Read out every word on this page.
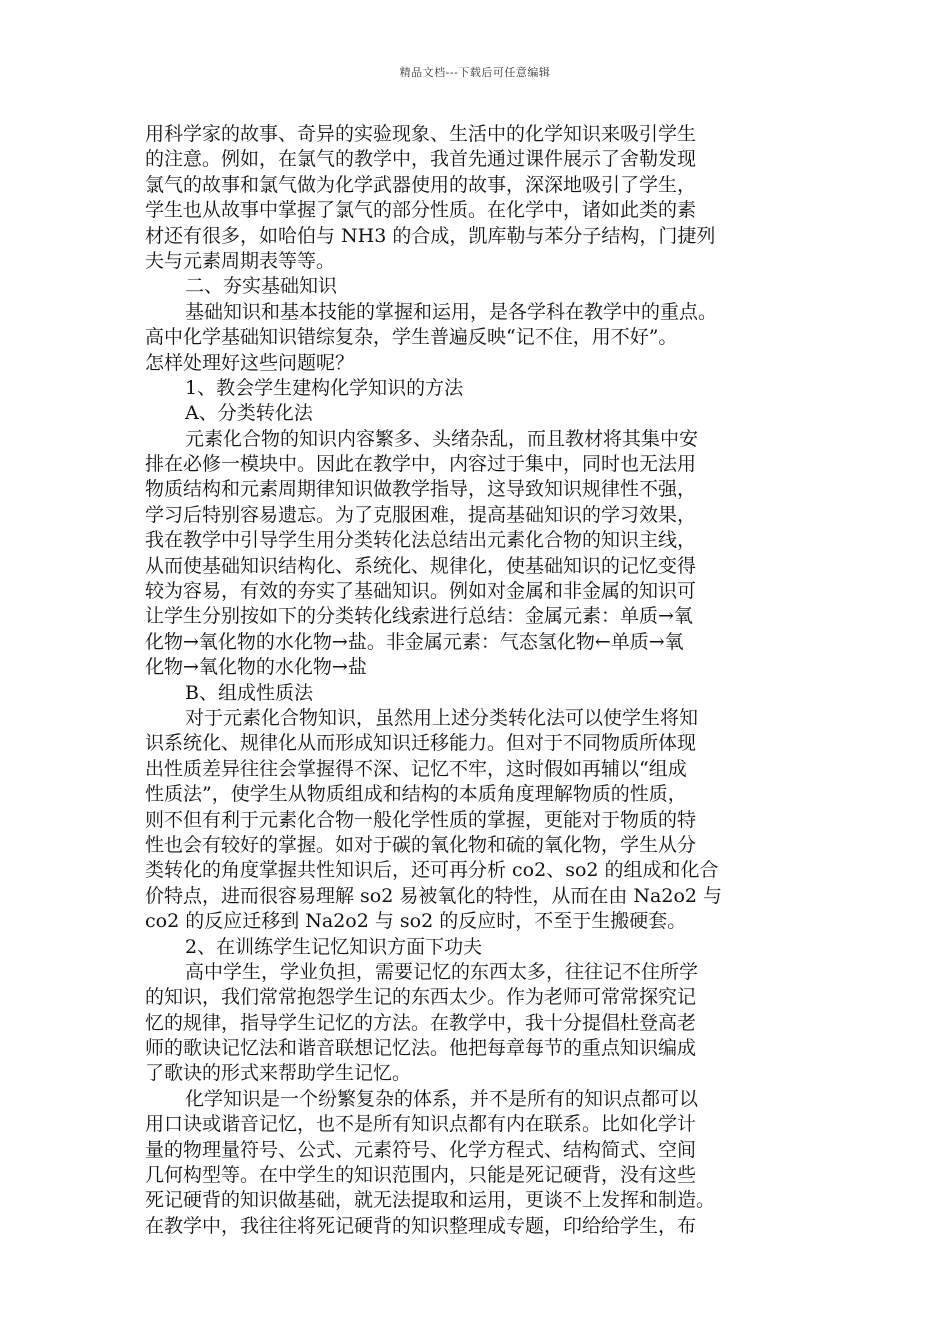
精品文档---下载后可任意编辑
用科学家的故事、奇异的实验现象、生活中的化学知识来吸引学生
的注意。例如，在氯气的教学中，我首先通过课件展示了舍勒发现
氯气的故事和氯气做为化学武器使用的故事，深深地吸引了学生，
学生也从故事中掌握了氯气的部分性质。在化学中，诸如此类的素
材还有很多，如哈伯与 NH3 的合成，凯库勒与苯分子结构，门捷列
夫与元素周期表等等。
二、夯实基础知识
基础知识和基本技能的掌握和运用，是各学科在教学中的重点。
高中化学基础知识错综复杂，学生普遍反映“记不住，用不好”。
怎样处理好这些问题呢？
1、教会学生建构化学知识的方法
A、分类转化法
元素化合物的知识内容繁多、头绪杂乱，而且教材将其集中安
排在必修一模块中。因此在教学中，内容过于集中，同时也无法用
物质结构和元素周期律知识做教学指导，这导致知识规律性不强，
学习后特别容易遗忘。为了克服困难，提高基础知识的学习效果，
我在教学中引导学生用分类转化法总结出元素化合物的知识主线，
从而使基础知识结构化、系统化、规律化，使基础知识的记忆变得
较为容易，有效的夯实了基础知识。例如对金属和非金属的知识可
让学生分别按如下的分类转化线索进行总结：金属元素：单质→氧
化物→氧化物的水化物→盐。非金属元素：气态氢化物←单质→氧
化物→氧化物的水化物→盐
B、组成性质法
对于元素化合物知识，虽然用上述分类转化法可以使学生将知
识系统化、规律化从而形成知识迁移能力。但对于不同物质所体现
出性质差异往往会掌握得不深、记忆不牢，这时假如再辅以“组成
性质法”，使学生从物质组成和结构的本质角度理解物质的性质，
则不但有利于元素化合物一般化学性质的掌握，更能对于物质的特
性也会有较好的掌握。如对于碳的氧化物和硫的氧化物，学生从分
类转化的角度掌握共性知识后，还可再分析 co2、so2 的组成和化合
价特点，进而很容易理解 so2 易被氧化的特性，从而在由 Na2o2 与
co2 的反应迁移到 Na2o2 与 so2 的反应时，不至于生搬硬套。
2、在训练学生记忆知识方面下功夫
高中学生，学业负担，需要记忆的东西太多，往往记不住所学
的知识，我们常常抱怨学生记的东西太少。作为老师可常常探究记
忆的规律，指导学生记忆的方法。在教学中，我十分提倡杜登高老
师的歌诀记忆法和谐音联想记忆法。他把每章每节的重点知识编成
了歌诀的形式来帮助学生记忆。
化学知识是一个纷繁复杂的体系，并不是所有的知识点都可以
用口诀或谐音记忆，也不是所有知识点都有内在联系。比如化学计
量的物理量符号、公式、元素符号、化学方程式、结构简式、空间
几何构型等。在中学生的知识范围内，只能是死记硬背，没有这些
死记硬背的知识做基础，就无法提取和运用，更谈不上发挥和制造。
在教学中，我往往将死记硬背的知识整理成专题，印给给学生，布
